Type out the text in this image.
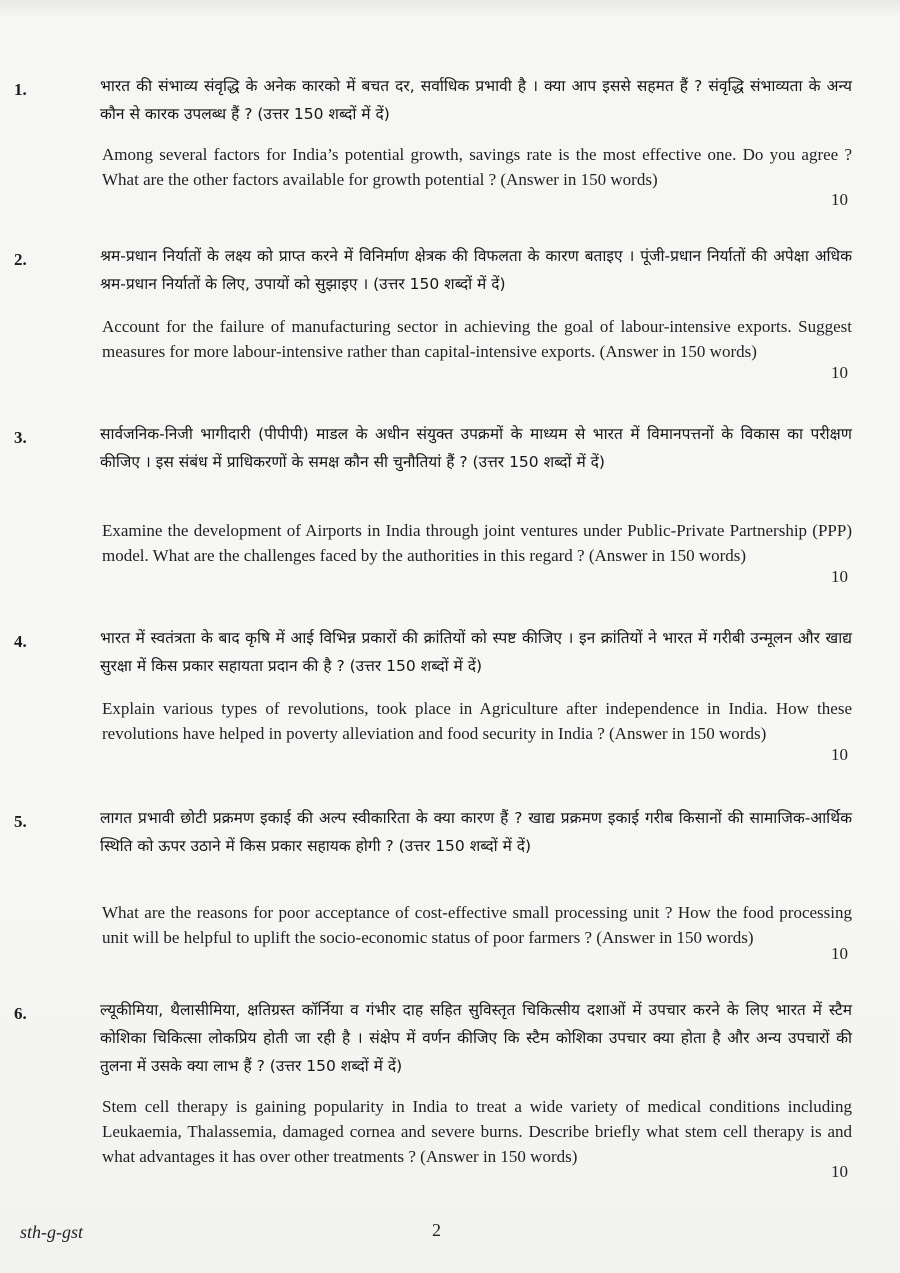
1.	भारत की संभाव्य संवृद्धि के अनेक कारको में बचत दर, सर्वाधिक प्रभावी है । क्या आप इससे सहमत हैं ? संवृद्धि संभाव्यता के अन्य कौन से कारक उपलब्ध हैं ? (उत्तर 150 शब्दों में दें)
Among several factors for India’s potential growth, savings rate is the most effective one. Do you agree ? What are the other factors available for growth potential ? (Answer in 150 words)
10
2.	श्रम-प्रधान निर्यातों के लक्ष्य को प्राप्त करने में विनिर्माण क्षेत्रक की विफलता के कारण बताइए । पूंजी-प्रधान निर्यातों की अपेक्षा अधिक श्रम-प्रधान निर्यातों के लिए, उपायों को सुझाइए । (उत्तर 150 शब्दों में दें)
Account for the failure of manufacturing sector in achieving the goal of labour-intensive exports. Suggest measures for more labour-intensive rather than capital-intensive exports. (Answer in 150 words)
10
3.	सार्वजनिक-निजी भागीदारी (पीपीपी) माडल के अधीन संयुक्त उपक्रमों के माध्यम से भारत में विमानपत्तनों के विकास का परीक्षण कीजिए । इस संबंध में प्राधिकरणों के समक्ष कौन सी चुनौतियां हैं ? (उत्तर 150 शब्दों में दें)
Examine the development of Airports in India through joint ventures under Public-Private Partnership (PPP) model. What are the challenges faced by the authorities in this regard ? (Answer in 150 words)
10
4.	भारत में स्वतंत्रता के बाद कृषि में आई विभिन्न प्रकारों की क्रांतियों को स्पष्ट कीजिए । इन क्रांतियों ने भारत में गरीबी उन्मूलन और खाद्य सुरक्षा में किस प्रकार सहायता प्रदान की है ? (उत्तर 150 शब्दों में दें)
Explain various types of revolutions, took place in Agriculture after independence in India. How these revolutions have helped in poverty alleviation and food security in India ? (Answer in 150 words)
10
5.	लागत प्रभावी छोटी प्रक्रमण इकाई की अल्प स्वीकारिता के क्या कारण हैं ? खाद्य प्रक्रमण इकाई गरीब किसानों की सामाजिक-आर्थिक स्थिति को ऊपर उठाने में किस प्रकार सहायक होगी ? (उत्तर 150 शब्दों में दें)
What are the reasons for poor acceptance of cost-effective small processing unit ? How the food processing unit will be helpful to uplift the socio-economic status of poor farmers ? (Answer in 150 words)
10
6.	ल्यूकीमिया, थैलासीमिया, क्षतिग्रस्त कॉर्निया व गंभीर दाह सहित सुविस्तृत चिकित्सीय दशाओं में उपचार करने के लिए भारत में स्टैम कोशिका चिकित्सा लोकप्रिय होती जा रही है । संक्षेप में वर्णन कीजिए कि स्टैम कोशिका उपचार क्या होता है और अन्य उपचारों की तुलना में उसके क्या लाभ हैं ? (उत्तर 150 शब्दों में दें)
Stem cell therapy is gaining popularity in India to treat a wide variety of medical conditions including Leukaemia, Thalassemia, damaged cornea and severe burns. Describe briefly what stem cell therapy is and what advantages it has over other treatments ? (Answer in 150 words)
10
sth-g-gst	2
